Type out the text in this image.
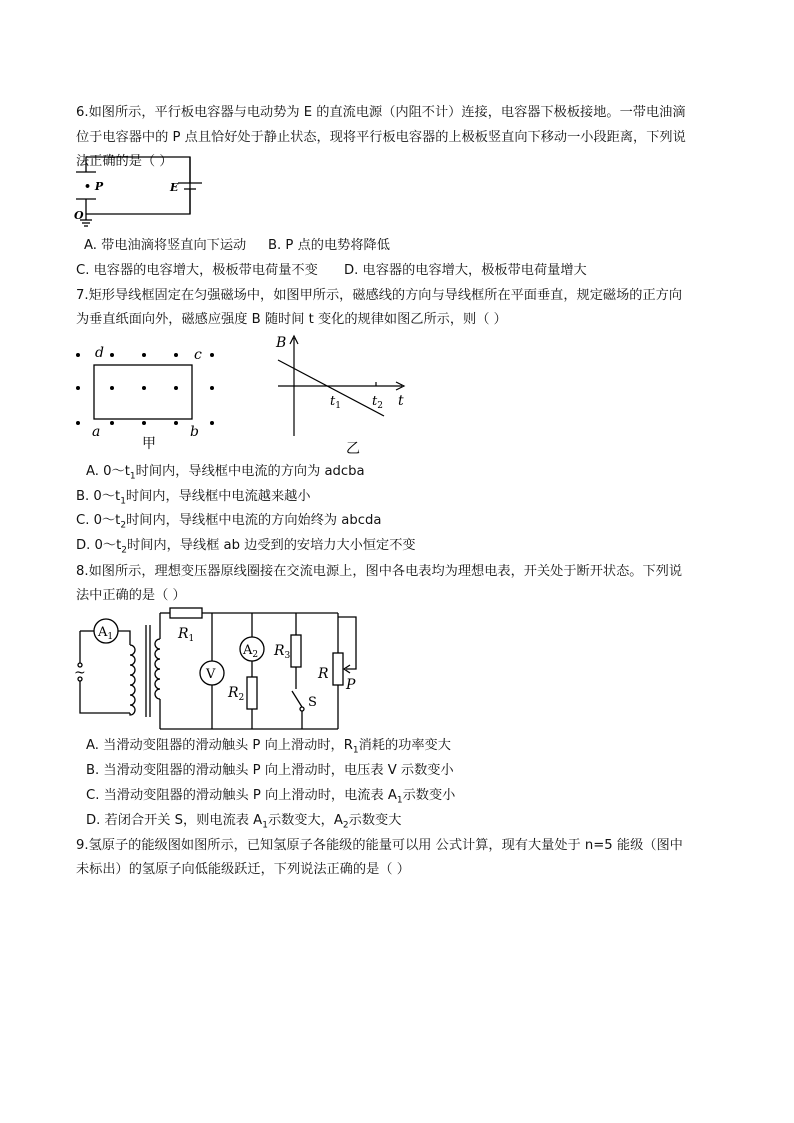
6.如图所示，平行板电容器与电动势为 E 的直流电源（内阻不计）连接，电容器下极板接地。一带电油滴
位于电容器中的 P 点且恰好处于静止状态，现将平行板电容器的上极板竖直向下移动一小段距离，下列说
法正确的是（ ）
• P	E
O
A. 带电油滴将竖直向下运动 B. P 点的电势将降低
C. 电容器的电容增大，极板带电荷量不变 D. 电容器的电容增大，极板带电荷量增大
7.矩形导线框固定在匀强磁场中，如图甲所示，磁感线的方向与导线框所在平面垂直，规定磁场的正方向
为垂直纸面向外，磁感应强度 B 随时间 t 变化的规律如图乙所示，则（ ）
d	c
a	b
甲
B
t
$t_1$ $t_2$
乙
A. $0\sim t_1$时间内，导线框中电流的方向为 adcba
B. $0\sim t_1$时间内，导线框中电流越来越小
C. $0\sim t_2$时间内，导线框中电流的方向始终为 abcda
D. $0\sim t_2$时间内，导线框 ab 边受到的安培力大小恒定不变
8.如图所示，理想变压器原线圈接在交流电源上，图中各电表均为理想电表，开关处于断开状态。下列说
法中正确的是（ ）
$A_1$
~
$R_1$
V
$A_2$
$R_2$
$R_3$
S
R
P
A. 当滑动变阻器的滑动触头 P 向上滑动时，$R_1$消耗的功率变大
B. 当滑动变阻器的滑动触头 P 向上滑动时，电压表 V 示数变小
C. 当滑动变阻器的滑动触头 P 向上滑动时，电流表 $A_1$示数变小
D. 若闭合开关 S，则电流表 $A_1$示数变大，$A_2$示数变大
9.氢原子的能级图如图所示，已知氢原子各能级的能量可以用 公式计算，现有大量处于 n=5 能级（图中
未标出）的氢原子向低能级跃迁，下列说法正确的是（ ）
